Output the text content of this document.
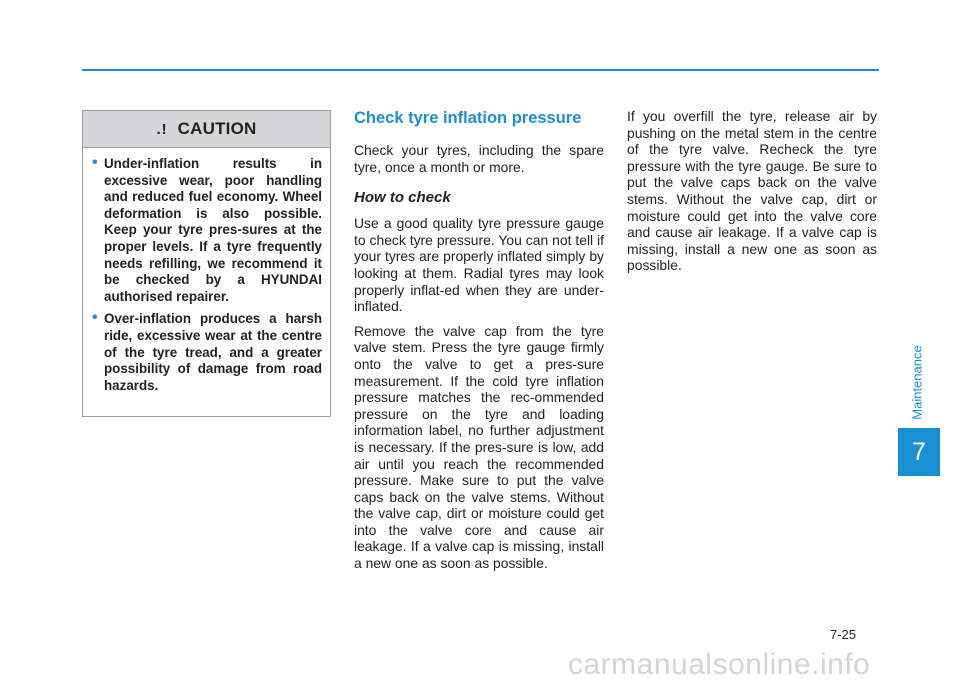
.! CAUTION
• Under-inflation results in excessive wear, poor handling and reduced fuel economy. Wheel deformation is also possible. Keep your tyre pres-sures at the proper levels. If a tyre frequently needs refilling, we recommend it be checked by a HYUNDAI authorised repairer.
• Over-inflation produces a harsh ride, excessive wear at the centre of the tyre tread, and a greater possibility of damage from road hazards.
Check tyre inflation pressure

Check your tyres, including the spare tyre, once a month or more.

How to check

Use a good quality tyre pressure gauge to check tyre pressure. You can not tell if your tyres are properly inflated simply by looking at them. Radial tyres may look properly inflat-ed when they are under-inflated.

Remove the valve cap from the tyre valve stem. Press the tyre gauge firmly onto the valve to get a pres-sure measurement. If the cold tyre inflation pressure matches the rec-ommended pressure on the tyre and loading information label, no further adjustment is necessary. If the pres-sure is low, add air until you reach the recommended pressure. Make sure to put the valve caps back on the valve stems. Without the valve cap, dirt or moisture could get into the valve core and cause air leakage. If a valve cap is missing, install a new one as soon as possible.

If you overfill the tyre, release air by pushing on the metal stem in the centre of the tyre valve. Recheck the tyre pressure with the tyre gauge. Be sure to put the valve caps back on the valve stems. Without the valve cap, dirt or moisture could get into the valve core and cause air leakage. If a valve cap is missing, install a new one as soon as possible.

Maintenance
7
7-25
carmanualsonline.info
